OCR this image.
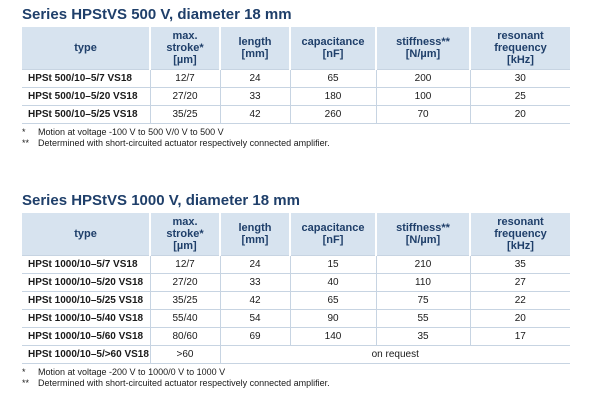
Series HPStVS 500 V, diameter 18 mm
type	max.
stroke*
[µm]	length
[mm]	capacitance
[nF]	stiffness**
[N/µm]	resonant
frequency
[kHz]
HPSt 500/10–5/7 VS18	12/7	24	65	200	30
HPSt 500/10–5/20 VS18	27/20	33	180	100	25
HPSt 500/10–5/25 VS18	35/25	42	260	70	20
*	Motion at voltage -100 V to 500 V/0 V to 500 V
** Determined with short-circuited actuator respectively connected amplifier.
Series HPStVS 1000 V, diameter 18 mm
type	max.
stroke*
[µm]	length
[mm]	capacitance
[nF]	stiffness**
[N/µm]	resonant
frequency
[kHz]
HPSt 1000/10–5/7 VS18	12/7	24	15	210	35
HPSt 1000/10–5/20 VS18	27/20	33	40	110	27
HPSt 1000/10–5/25 VS18	35/25	42	65	75	22
HPSt 1000/10–5/40 VS18	55/40	54	90	55	20
HPSt 1000/10–5/60 VS18	80/60	69	140	35	17
HPSt 1000/10–5/>60 VS18	>60	on request			
*	Motion at voltage -200 V to 1000/0 V to 1000 V
** Determined with short-circuited actuator respectively connected amplifier.
